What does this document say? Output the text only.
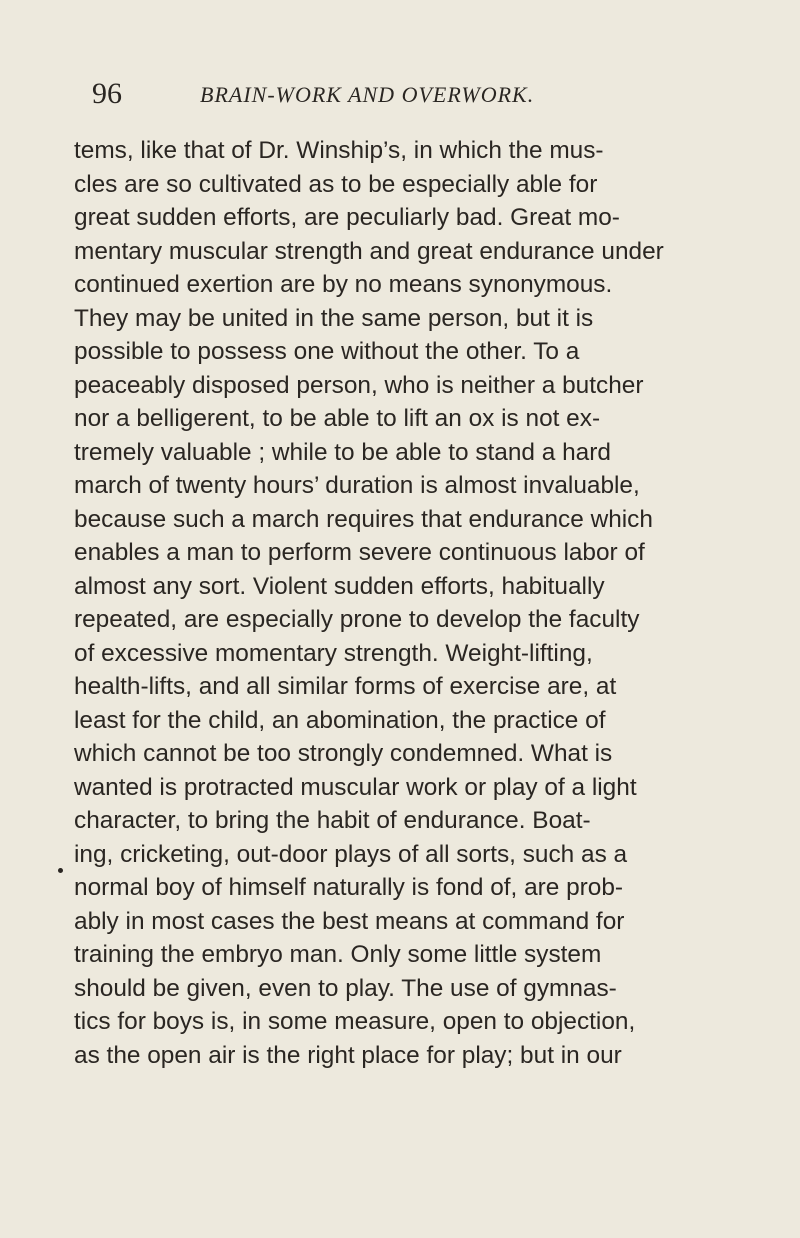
96	BRAIN-WORK AND OVERWORK.
tems, like that of Dr. Winship’s, in which the mus-
cles are so cultivated as to be especially able for
great sudden efforts, are peculiarly bad. Great mo-
mentary muscular strength and great endurance under
continued exertion are by no means synonymous.
They may be united in the same person, but it is
possible to possess one without the other. To a
peaceably disposed person, who is neither a butcher
nor a belligerent, to be able to lift an ox is not ex-
tremely valuable ; while to be able to stand a hard
march of twenty hours’ duration is almost invaluable,
because such a march requires that endurance which
enables a man to perform severe continuous labor of
almost any sort. Violent sudden efforts, habitually
repeated, are especially prone to develop the faculty
of excessive momentary strength. Weight-lifting,
health-lifts, and all similar forms of exercise are, at
least for the child, an abomination, the practice of
which cannot be too strongly condemned. What is
wanted is protracted muscular work or play of a light
character, to bring the habit of endurance. Boat-
ing, cricketing, out-door plays of all sorts, such as a
normal boy of himself naturally is fond of, are prob-
ably in most cases the best means at command for
training the embryo man. Only some little system
should be given, even to play. The use of gymnas-
tics for boys is, in some measure, open to objection,
as the open air is the right place for play; but in our
